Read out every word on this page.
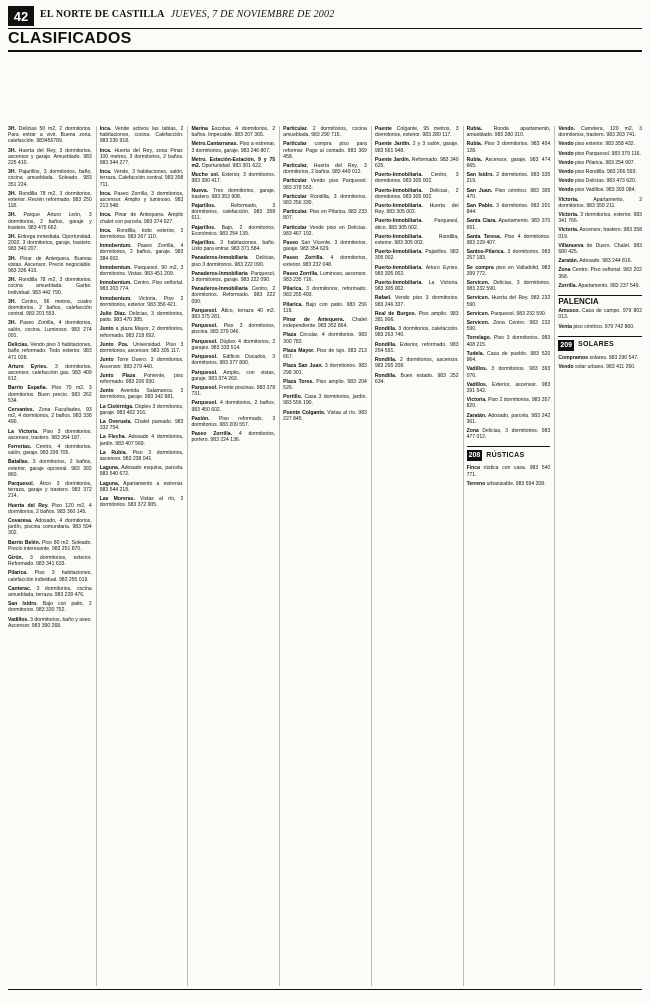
42	EL NORTE DE CASTILLA JUEVES, 7 DE NOVIEMBRE DE 2002
CLASIFICADOS

3H. Delicias 50 m2, 2 dormitorios. Para entrar a vivir. Buena zona, calefacción. 983456789.

3H. Huerta del Rey, 3 dormitorios, ascensor y garaje. Amueblado. 983 225 410.

3H. Pajarillos, 3 dormitorios, baño, cocina amueblada. Soleado. 983 351 224.

3H. Rondilla 78 m2, 3 dormitorios, exterior. Recién reformado. 983 250 118.

3H. Parque Arturo León, 3 dormitorios, 2 baños, garaje y trastero. 983 479 662.

3H. Entrega inmediata. Oportunidad. 2002. 3 dormitorios, garaje, trastero. 983 340 207.

3H. Pinar de Antequera. Buenas vistas. Ascensor. Precio negociable. 983 336 415.

3H. Rondilla 78 m2, 3 dormitorios, cocina amueblada. Garbo. Individual. 983 442 790.

3H. Centro, 96 metros, cuatro dormitorios, 2 baños, calefacción central. 983 201 553.

3H. Paseo Zorrilla, 4 dormitorios, salón, cocina. Luminoso. 983 274 091.

Delicias. Vendo piso 3 habitaciones, baño reformado. Todo exterior. 983 471 028.

Arturo Eyries. 3 dormitorios, ascensor, calefacción gas. 983 409 612.

Barrio España. Piso 70 m2, 3 dormitorios. Buen precio. 983 262 534.

Cervantes. Zona Facultades, 93 m2, 4 dormitorios, 2 baños. 983 338 490.

La Victoria. Piso 3 dormitorios, ascensor, trastero. 983 354 187.

Ferrerías. Centro, 4 dormitorios, salón, garaje. 983 299 705.

Batallas. 3 dormitorios, 2 baños, exterior, garaje opcional. 983 392 860.

Parquesol. Ático 3 dormitorios, terraza, garaje y trastero. 983 372 214.

Huerta del Rey. Piso 120 m2, 4 dormitorios, 2 baños. 983 360 145.

Covaresa. Adosado, 4 dormitorios, jardín, piscina comunitaria. 983 594 302.

Barrio Belén. Piso 80 m2. Soleado. Precio interesante. 983 251 870.

Girón. 3 dormitorios, exterior. Reformado. 983 341 633.

Pilarica. Piso 3 habitaciones, calefacción individual. 983 255 019.

Canterac. 3 dormitorios, cocina amueblada, terraza. 983 228 476.

San Isidro. Bajo con patio, 2 dormitorios. 983 330 752.

Vadillos. 3 dormitorios, baño y aseo. Ascensor. 983 390 268.

Inca. Vende activos las tablas, 2 habitaciones, cocina. Calefacción. 983 236 918.

Inca. Huerta del Rey, zona Pinar. 100 metros, 3 dormitorios, 2 baños. 983 344 277.

Inca. Vende, 3 habitaciones, salón, terraza. Calefacción central. 983 398 711.

Inca. Paseo Zorrilla, 3 dormitorios, ascensor. Amplio y luminoso. 983 213 548.

Inca. Pinar de Antequera. Amplio chalet con parcela. 983 374 627.

Inca. Rondilla, todo exterior, 3 dormitorios. 983 267 110.

Inmobentum. Paseo Zorrilla, 4 dormitorios, 2 baños, garaje. 983 384 602.

Inmobentum. Parquesol, 90 m2, 3 dormitorios. Vistas. 983 451 209.

Inmobentum. Centro. Piso señorial. 983 203 774.

Inmobentum. Victoria. Piso 2 dormitorios, exterior. 983 356 421.

Julio Díaz. Delicias, 3 dormitorios, patio. 983 470 385.

Junto a plaza Mayor, 2 dormitorios, reformado. 983 218 692.

Junto Pza. Universidad. Piso 3 dormitorios, ascensor. 983 305 117.

Junto Torre Duero. 3 dormitorios. Ascensor. 983 279 440.

Junto Plaza Poniente, piso reformado. 983 206 930.

Junto Avenida Salamanca. 3 dormitorios, garaje. 983 342 881.

La Cistérniga. Dúplex 3 dormitorios, garaje. 983 402 316.

La Overuela. Chalet pareado. 983 332 754.

La Flecha. Adosado 4 dormitorios, jardín. 983 407 569.

La Rubia. Piso 3 dormitorios, ascensor. 983 238 041.

Laguna. Adosado esquina, parcela. 983 540 672.

Laguna. Apartamento a estrenar. 983 544 218.

Las Moreras. Vistas al río, 3 dormitorios. 983 372 905.

Marina Escobar, 4 dormitorios, 2 baños. Impecable. 983 207 365.

Metro.Cantarranas. Piso a estrenar, 3 dormitorios, garaje. 983 246 807.

Metro. Estación-Estación, 9 y 75 m2. Oportunidad. 983 301 622.

Mucho sol. Exterior, 3 dormitorios. 983 390 417.

Nueva. Tres dormitorios, garaje, trastero. 983 353 908.

Pajarillos. Reformado, 3 dormitorios, calefacción. 983 358 611.

Pajarillos. Bajo, 2 dormitorios. Económico. 983 254 139.

Pajarillos. 3 habitaciones, baño. Listo para entrar. 983 371 584.

Panaderos-Inmobiliaria Delicias, piso 3 dormitorios. 983 222 090.

Panaderos-Inmobiliaria Parquesol, 3 dormitorios, garaje. 983 222 090.

Panaderos-Inmobiliaria Centro, 2 dormitorios. Reformado. 983 222 090.

Parquesol. Ático, terraza 40 m2. 983 375 281.

Parquesol. Piso 3 dormitorios, piscina. 983 379 046.

Parquesol. Dúplex 4 dormitorios, 2 garajes. 983 333 514.

Parquesol. Edificio Ducados, 3 dormitorios. 983 377 890.

Parquesol. Amplio, con vistas, garaje. 983 374 263.

Parquesol. Frente piscinas. 983 378 731.

Parquesol. 4 dormitorios, 2 baños. 983 450 602.

Pasión. Piso reformado, 3 dormitorios. 983 209 557.

Paseo Zorrilla. 4 dormitorios, portero. 983 224 136.

Particular. 2 dormitorios, cocina amueblada. 983 290 715.

Particular compra piso para reformar. Pago al contado. 983 369 458.

Particular. Huerta del Rey, 3 dormitorios, 2 baños. 983 449 012.

Particular Vendo piso Parquesol. 983 378 553.

Particular Rondilla, 3 dormitorios. 983 256 330.

Particular. Piso en Pilarica. 983 233 807.

Particular Vende piso en Delicias. 983 467 192.

Paseo San Vicente. 3 dormitorios, garaje. 983 354 629.

Paseo Zorrilla. 4 dormitorios, exterior. 983 232 048.

Paseo Zorrilla. Luminoso, ascensor. 983 235 716.

Pilarica. 3 dormitorios, reformado. 983 255 493.

Pilarica. Bajo con patio. 983 256 119.

Pinar de Antequera. Chalet independiente. 983 352 864.

Plaza Circular, 4 dormitorios. 983 300 782.

Plaza Mayor. Piso de lujo. 983 213 667.

Plaza San Juan. 3 dormitorios. 983 298 301.

Plaza Toros. Piso amplio. 983 204 526.

Portillo. Casa 3 dormitorios, jardín. 983 556 190.

Puente Colgante. Vistas al río. 983 227 845.

Puente Colgante, 95 metros, 3 dormitorios, exterior. 983 280 117.

Puente Jardín. 2 y 3 salón, garaje. 983 561 948.

Puente Jardín. Reformado. 983 340 625.

Puerto-Inmobiliaria. Centro, 3 dormitorios. 983 305 002.

Puerto-Inmobiliaria. Delicias, 2 dormitorios. 983 305 002.

Puerto-Inmobiliaria. Huerta del Rey. 983 305 002.

Puerto-Inmobiliaria. Parquesol, ático. 983 305 002.

Puerto-Inmobiliaria. Rondilla, exterior. 983 305 002.

Puerto-Inmobiliaria. Pajarillos. 983 305 002.

Puerto-Inmobiliaria. Arturo Eyries. 983 305 002.

Puerto-Inmobiliaria. La Victoria. 983 305 002.

Rafael. Vendo piso 3 dormitorios. 983 246 337.

Real de Burgos. Piso amplio. 983 381 906.

Rondilla. 3 dormitorios, calefacción. 983 263 740.

Rondilla. Exterior, reformado. 983 254 591.

Rondilla. 2 dormitorios, ascensor. 983 265 208.

Rondilla. Buen estado. 983 252 634.

Rubia. Ronda apartamento, amueblado. 983 280 310.

Rubia. Piso 3 dormitorios. 983 454 128.

Rubia. Ascensor, garaje. 983 474 665.

San Isidro. 2 dormitorios. 983 335 219.

San Juan. Piso céntrico. 983 395 470.

San Pablo. 3 dormitorios. 983 201 844.

Santa Clara. Apartamento. 983 370 651.

Santa Teresa. Piso 4 dormitorios. 983 229 407.

Santos-Pilarica. 3 dormitorios. 983 257 183.

Se compra piso en Valladolid. 983 399 772.

Servicen. Delicias, 3 dormitorios. 983 232 590.

Servicen. Huerta del Rey. 983 232 590.

Servicen. Parquesol. 983 232 590.

Servicen. Zona Centro. 983 232 590.

Torrelago. Piso 3 dormitorios. 983 408 215.

Tudela. Casa de pueblo. 983 520 964.

Vadillos. 3 dormitorios. 983 393 076.

Vadillos. Exterior, ascensor. 983 391 542.

Victoria. Piso 2 dormitorios. 983 357 820.

Zaratán. Adosado, parcela. 983 242 361.

Zona Delicias, 3 dormitorios. 983 477 012.

208 RÚSTICAS

Finca rústica con casa. 983 540 771.

Terreno urbanizable. 983 594 208.

Vendo. Carretera, 120 m2, 3 dormitorios, trastero. 983 263 741.

Vendo piso exterior. 983 358 432.

Vendo piso Parquesol. 983 379 116.

Vendo piso Pilarica. 983 254 907.

Vendo piso Rondilla. 983 266 593.

Vendo piso Delicias. 983 473 620.

Vendo piso Vadillos. 983 393 084.

Victoria. Apartamento, 2 dormitorios. 983 359 211.

Victoria. 3 dormitorios, exterior. 983 341 766.

Victoria. Ascensor, trastero. 983 358 019.

Villanueva de Duero. Chalet. 983 680 425.

Zaratán. Adosado. 983 244 816.

Zona Centro. Piso señorial. 983 202 358.

Zorrilla. Apartamento. 983 237 549.

PALENCIA

Amusco. Casa de campo. 979 802 013.

Venta piso céntrico. 979 742 860.

209 SOLARES

Compramos solares. 983 290 547.

Vendo solar urbano. 983 411 260.
